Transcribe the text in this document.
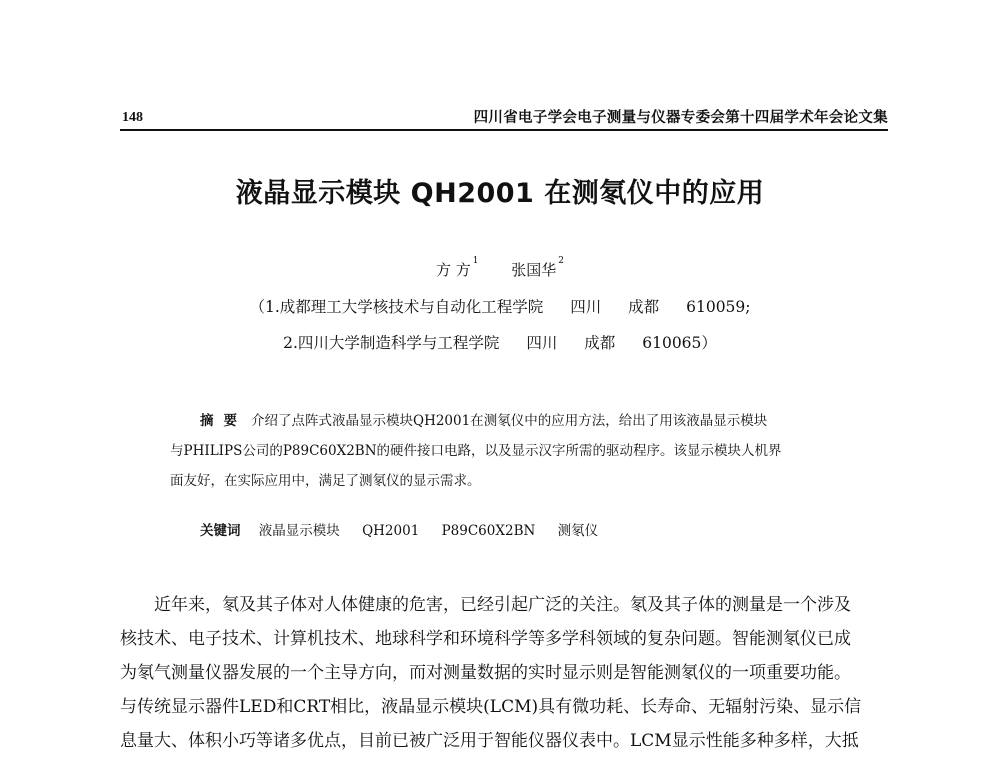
148	四川省电子学会电子测量与仪器专委会第十四届学术年会论文集
液晶显示模块 QH2001 在测氡仪中的应用
方 方 $^1$ 张国华 $^2$
（1.成都理工大学核技术与自动化工程学院 四川 成都 610059;
2.四川大学制造科学与工程学院 四川 成都 610065）
摘要 介绍了点阵式液晶显示模块QH2001在测氡仪中的应用方法，给出了用该液晶显示模块
与PHILIPS公司的P89C60X2BN的硬件接口电路，以及显示汉字所需的驱动程序。该显示模块人机界
面友好，在实际应用中，满足了测氡仪的显示需求。
关键词 液晶显示模块 QH2001 P89C60X2BN 测氡仪
近年来，氡及其子体对人体健康的危害，已经引起广泛的关注。氡及其子体的测量是一个涉及
核技术、电子技术、计算机技术、地球科学和环境科学等多学科领域的复杂问题。智能测氡仪已成
为氡气测量仪器发展的一个主导方向，而对测量数据的实时显示则是智能测氡仪的一项重要功能。
与传统显示器件LED和CRT相比，液晶显示模块(LCM)具有微功耗、长寿命、无辐射污染、显示信
息量大、体积小巧等诸多优点，目前已被广泛用于智能仪器仪表中。LCM显示性能多种多样，大抵
